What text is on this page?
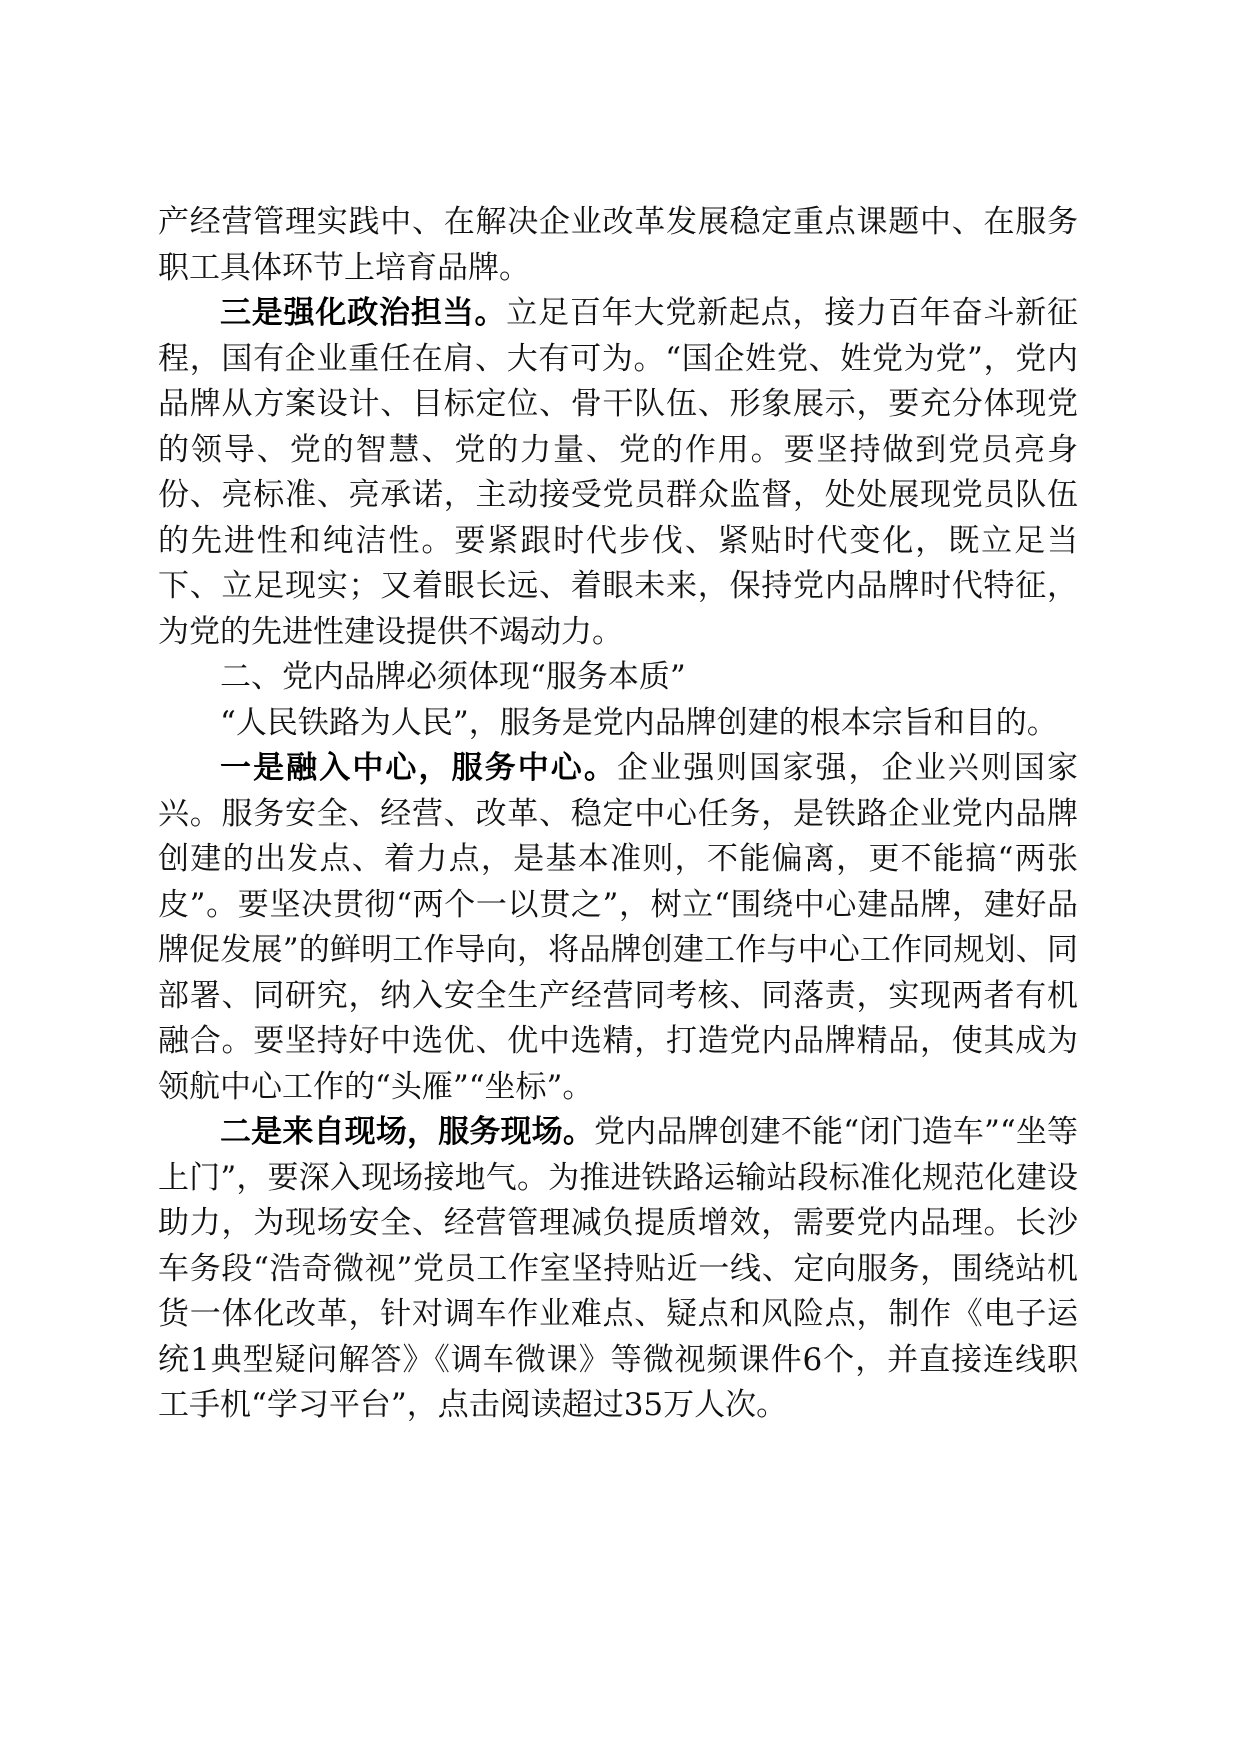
产经营管理实践中、在解决企业改革发展稳定重点课题中、在服务职工具体环节上培育品牌。

三是强化政治担当。立足百年大党新起点，接力百年奋斗新征程，国有企业重任在肩、大有可为。“国企姓党、姓党为党”，党内品牌从方案设计、目标定位、骨干队伍、形象展示，要充分体现党的领导、党的智慧、党的力量、党的作用。要坚持做到党员亮身份、亮标准、亮承诺，主动接受党员群众监督，处处展现党员队伍的先进性和纯洁性。要紧跟时代步伐、紧贴时代变化，既立足当下、立足现实；又着眼长远、着眼未来，保持党内品牌时代特征，为党的先进性建设提供不竭动力。

二、党内品牌必须体现“服务本质”

“人民铁路为人民”，服务是党内品牌创建的根本宗旨和目的。

一是融入中心，服务中心。企业强则国家强，企业兴则国家兴。服务安全、经营、改革、稳定中心任务，是铁路企业党内品牌创建的出发点、着力点，是基本准则，不能偏离，更不能搞“两张皮”。要坚决贯彻“两个一以贯之”，树立“围绕中心建品牌，建好品牌促发展”的鲜明工作导向，将品牌创建工作与中心工作同规划、同部署、同研究，纳入安全生产经营同考核、同落责，实现两者有机融合。要坚持好中选优、优中选精，打造党内品牌精品，使其成为领航中心工作的“头雁”“坐标”。

二是来自现场，服务现场。党内品牌创建不能“闭门造车”“坐等上门”，要深入现场接地气。为推进铁路运输站段标准化规范化建设助力，为现场安全、经营管理减负提质增效，需要党内品理。长沙车务段“浩奇微视”党员工作室坚持贴近一线、定向服务，围绕站机货一体化改革，针对调车作业难点、疑点和风险点，制作《电子运统1典型疑问解答》《调车微课》等微视频课件6个，并直接连线职工手机“学习平台”，点击阅读超过35万人次。
